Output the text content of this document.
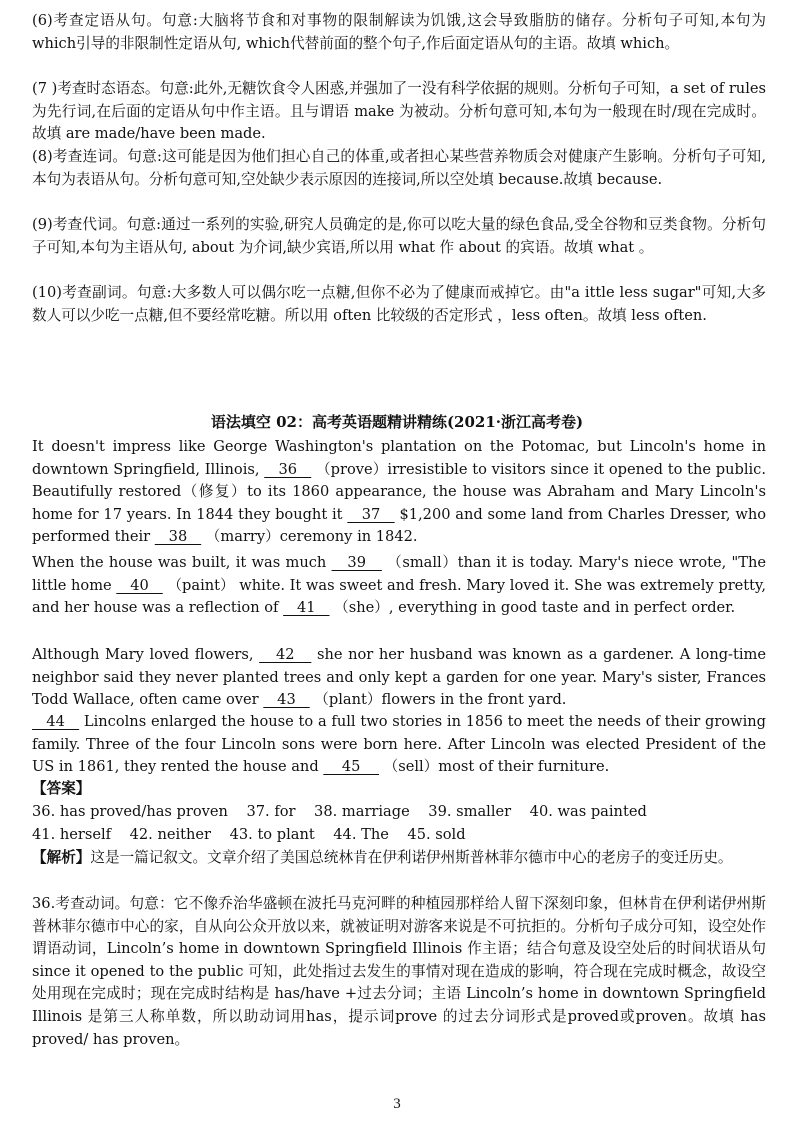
(6)考查定语从句。句意:大脑将节食和对事物的限制解读为饥饿,这会导致脂肪的储存。分析句子可知,本句为which引导的非限制性定语从句, which代替前面的整个句子,作后面定语从句的主语。故填 which。
(7 )考查时态语态。句意:此外,无糖饮食令人困惑,并强加了一没有科学依据的规则。分析句子可知，a set of rules 为先行词,在后面的定语从句中作主语。且与谓语 make 为被动。分析句意可知,本句为一般现在时/现在完成时。故填 are made/have been made.
(8)考查连词。句意:这可能是因为他们担心自己的体重,或者担心某些营养物质会对健康产生影响。分析句子可知,本句为表语从句。分析句意可知,空处缺少表示原因的连接词,所以空处填 because.故填 because.
(9)考查代词。句意:通过一系列的实验,研究人员确定的是,你可以吃大量的绿色食品,受全谷物和豆类食物。分析句子可知,本句为主语从句, about 为介词,缺少宾语,所以用 what 作 about 的宾语。故填 what 。
(10)考查副词。句意:大多数人可以偶尔吃一点糖,但你不必为了健康而戒掉它。由"a ittle less sugar"可知,大多数人可以少吃一点糖,但不要经常吃糖。所以用 often 比较级的否定形式 ，less often。故填 less often.
语法填空 02：高考英语题精讲精练(2021·浙江高考卷)
It doesn't impress like George Washington's plantation on the Potomac, but Lincoln's home in downtown Springfield, Illinois,    36    （prove）irresistible to visitors since it opened to the public. Beautifully restored（修复）to its 1860 appearance, the house was Abraham and Mary Lincoln's home for 17 years. In 1844 they bought it    37    $1,200 and some land from Charles Dresser, who performed their    38    （marry）ceremony in 1842.
When the house was built, it was much    39    （small）than it is today. Mary's niece wrote, "The little home    40    （paint） white. It was sweet and fresh. Mary loved it. She was extremely pretty, and her house was a reflection of    41    （she）, everything in good taste and in perfect order.
Although Mary loved flowers,    42    she nor her husband was known as a gardener. A long-time neighbor said they never planted trees and only kept a garden for one year. Mary's sister, Frances Todd Wallace, often came over    43    （plant）flowers in the front yard.
44    Lincolns enlarged the house to a full two stories in 1856 to meet the needs of their growing family. Three of the four Lincoln sons were born here. After Lincoln was elected President of the US in 1861, they rented the house and     45     （sell）most of their furniture.
【答案】
36. has proved/has proven    37. for    38. marriage    39. smaller    40. was painted
41. herself    42. neither    43. to plant    44. The    45. sold
【解析】这是一篇记叙文。文章介绍了美国总统林肯在伊利诺伊州斯普林菲尔德市中心的老房子的变迁历史。
36.考查动词。句意：它不像乔治华盛顿在波托马克河畔的种植园那样给人留下深刻印象，但林肯在伊利诺伊州斯普林菲尔德市中心的家，自从向公众开放以来，就被证明对游客来说是不可抗拒的。分析句子成分可知，设空处作谓语动词，Lincoln’s home in downtown Springfield Illinois 作主语；结合句意及设空处后的时间状语从句 since it opened to the public 可知，此处指过去发生的事情对现在造成的影响，符合现在完成时概念，故设空处用现在完成时；现在完成时结构是 has/have +过去分词；主语 Lincoln’s home in downtown Springfield Illinois 是第三人称单数，所以助动词用has，提示词prove 的过去分词形式是proved或proven。故填 has proved/ has proven。
3
